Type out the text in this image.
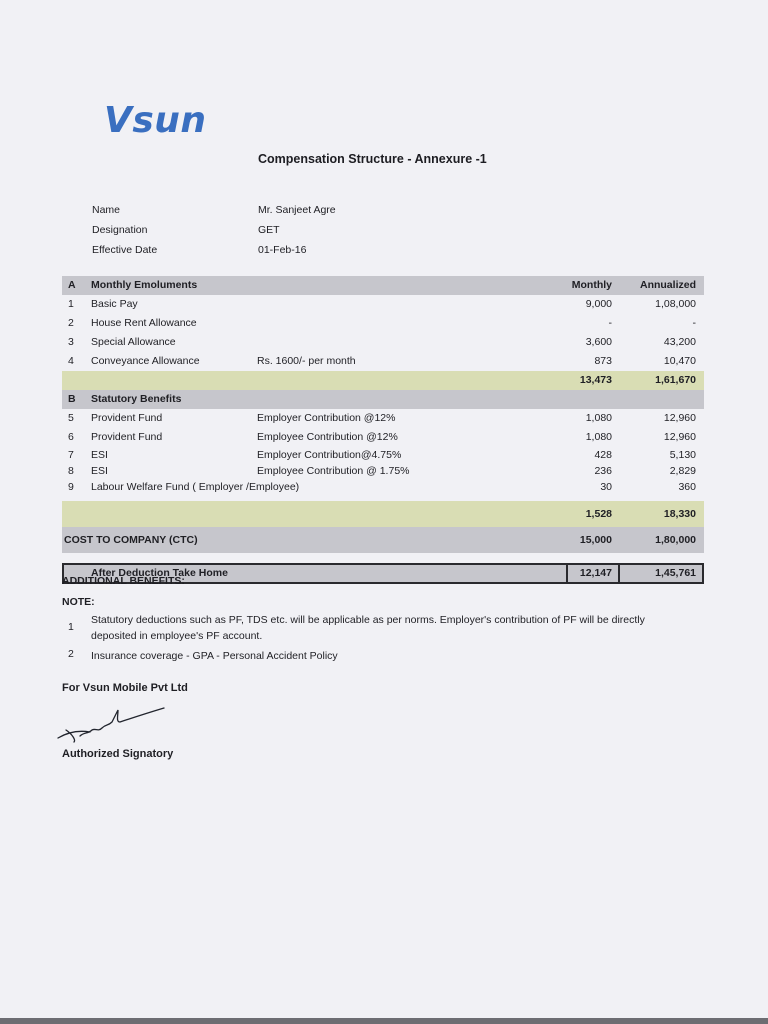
Vsun
Compensation Structure - Annexure -1
Name	Mr. Sanjeet Agre
Designation	GET
Effective Date	01-Feb-16
A Monthly Emoluments	Monthly	Annualized
1 Basic Pay	9,000	1,08,000
2 House Rent Allowance	-	-
3 Special Allowance	3,600	43,200
4 Conveyance Allowance	Rs. 1600/- per month	873	10,470
13,473	1,61,670
B Statutory Benefits
5 Provident Fund	Employer Contribution @12%	1,080	12,960
6 Provident Fund	Employee Contribution @12%	1,080	12,960
7 ESI	Employer Contribution@4.75%	428	5,130
8 ESI	Employee Contribution @ 1.75%	236	2,829
9 Labour Welfare Fund ( Employer /Employee)	30	360
1,528	18,330
COST TO COMPANY (CTC)	15,000	1,80,000
After Deduction Take Home	12,147	1,45,761
ADDITIONAL BENEFITS:
NOTE:
1
Statutory deductions such as PF, TDS etc. will be applicable as per norms. Employer's contribution of PF will be directly deposited in employee's PF account.
2 Insurance coverage - GPA - Personal Accident Policy
For Vsun Mobile Pvt Ltd
Authorized Signatory
